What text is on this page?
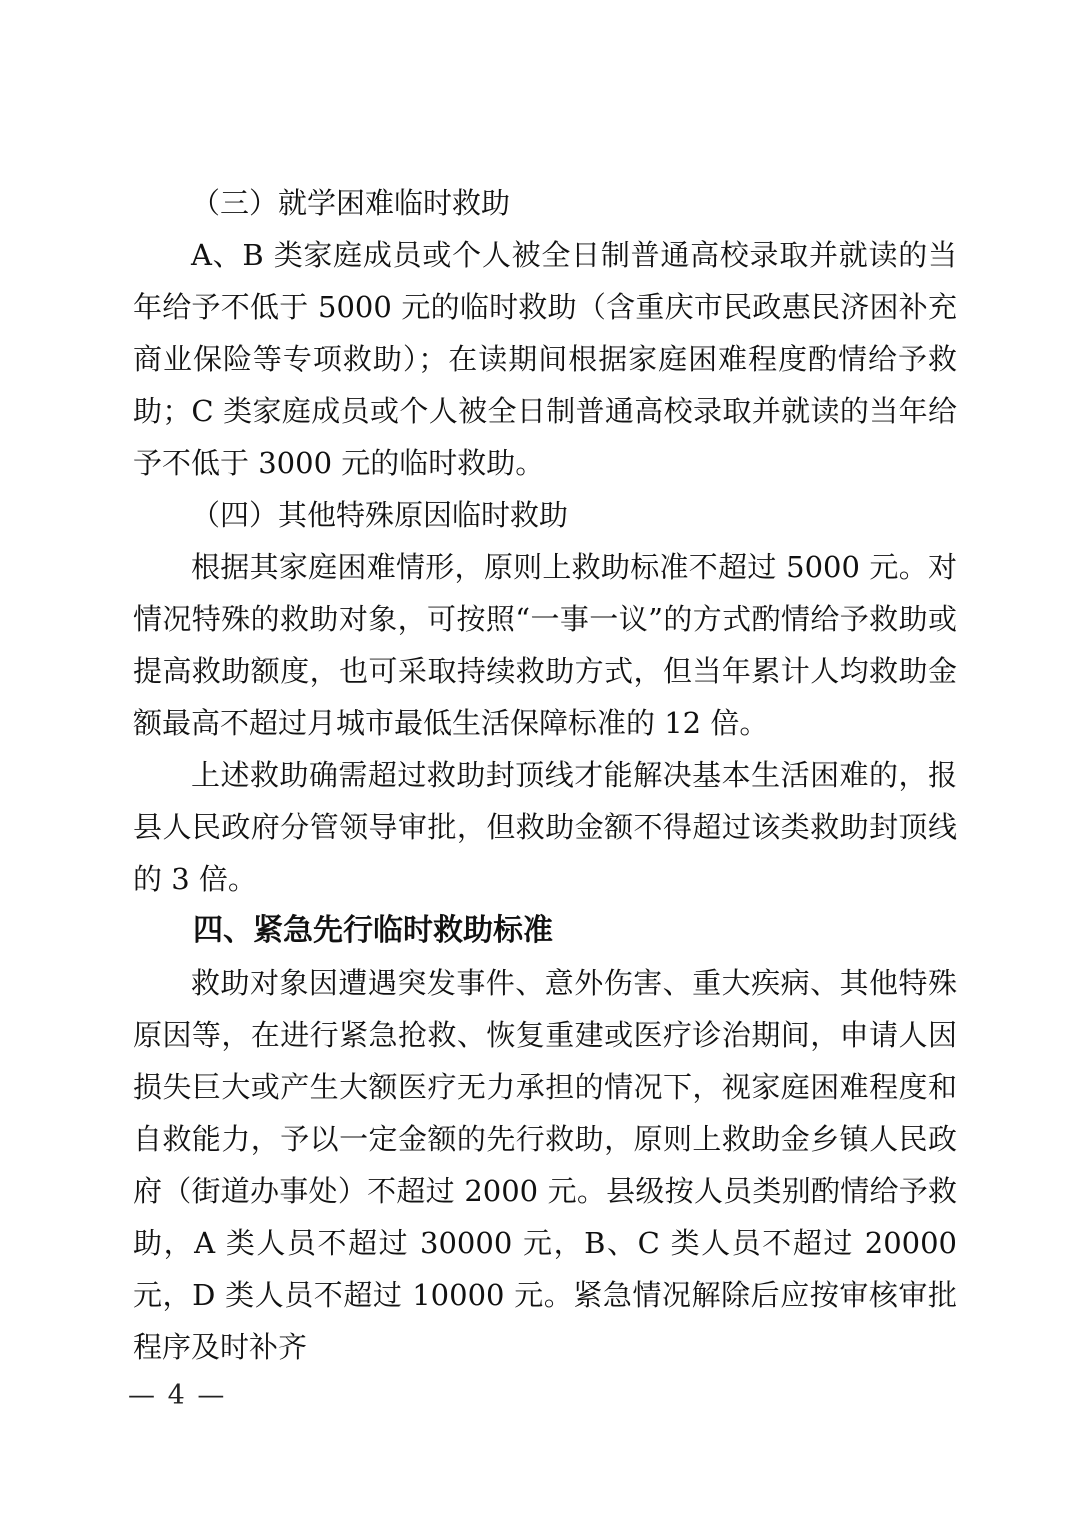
（三）就学困难临时救助

A、B 类家庭成员或个人被全日制普通高校录取并就读的当年给予不低于 5000 元的临时救助（含重庆市民政惠民济困补充商业保险等专项救助）；在读期间根据家庭困难程度酌情给予救助；C 类家庭成员或个人被全日制普通高校录取并就读的当年给予不低于 3000 元的临时救助。

（四）其他特殊原因临时救助

根据其家庭困难情形，原则上救助标准不超过 5000 元。对情况特殊的救助对象，可按照“一事一议”的方式酌情给予救助或提高救助额度，也可采取持续救助方式，但当年累计人均救助金额最高不超过月城市最低生活保障标准的 12 倍。

上述救助确需超过救助封顶线才能解决基本生活困难的，报县人民政府分管领导审批，但救助金额不得超过该类救助封顶线的 3 倍。

四、紧急先行临时救助标准

救助对象因遭遇突发事件、意外伤害、重大疾病、其他特殊原因等，在进行紧急抢救、恢复重建或医疗诊治期间，申请人因损失巨大或产生大额医疗无力承担的情况下，视家庭困难程度和自救能力，予以一定金额的先行救助，原则上救助金乡镇人民政府（街道办事处）不超过 2000 元。县级按人员类别酌情给予救助，A 类人员不超过 30000 元，B、C 类人员不超过 20000 元，D 类人员不超过 10000 元。紧急情况解除后应按审核审批程序及时补齐

— 4 —
